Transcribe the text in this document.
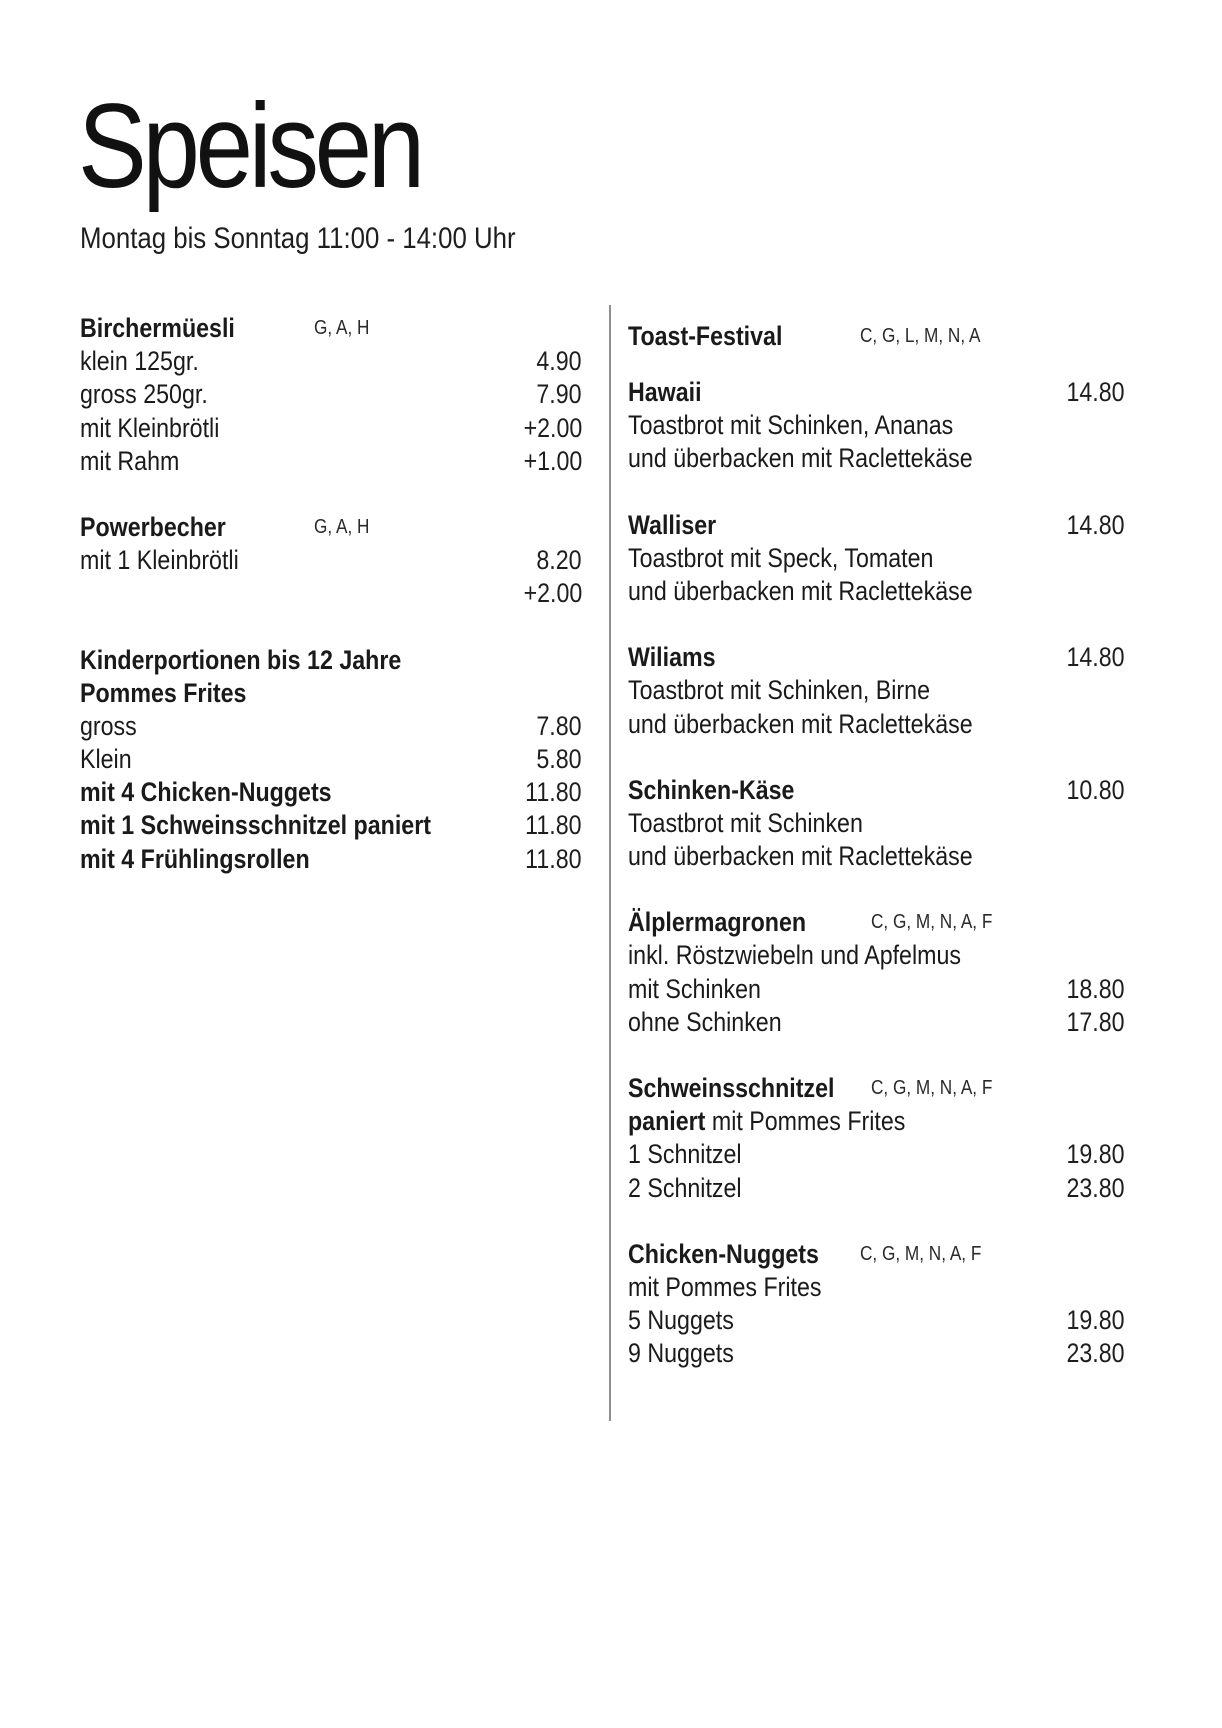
Speisen
Montag bis Sonntag 11:00 - 14:00 Uhr
Birchermüesli	G, A, H
klein 125gr.	4.90
gross 250gr.	7.90
mit Kleinbrötli	+2.00
mit Rahm	+1.00
Powerbecher	G, A, H
mit 1 Kleinbrötli	8.20
+2.00
Kinderportionen bis 12 Jahre
Pommes Frites
gross	7.80
Klein	5.80
mit 4 Chicken-Nuggets	11.80
mit 1 Schweinsschnitzel paniert	11.80
mit 4 Frühlingsrollen	11.80
Toast-Festival	C, G, L, M, N, A
Hawaii	14.80
Toastbrot mit Schinken, Ananas
und überbacken mit Raclettekäse
Walliser	14.80
Toastbrot mit Speck, Tomaten
und überbacken mit Raclettekäse
Wiliams	14.80
Toastbrot mit Schinken, Birne
und überbacken mit Raclettekäse
Schinken-Käse	10.80
Toastbrot mit Schinken
und überbacken mit Raclettekäse
Älplermagronen	C, G, M, N, A, F
inkl. Röstzwiebeln und Apfelmus
mit Schinken	18.80
ohne Schinken	17.80
Schweinsschnitzel C, G, M, N, A, F
paniert mit Pommes Frites
1 Schnitzel	19.80
2 Schnitzel	23.80
Chicken-Nuggets C, G, M, N, A, F
mit Pommes Frites
5 Nuggets	19.80
9 Nuggets	23.80
